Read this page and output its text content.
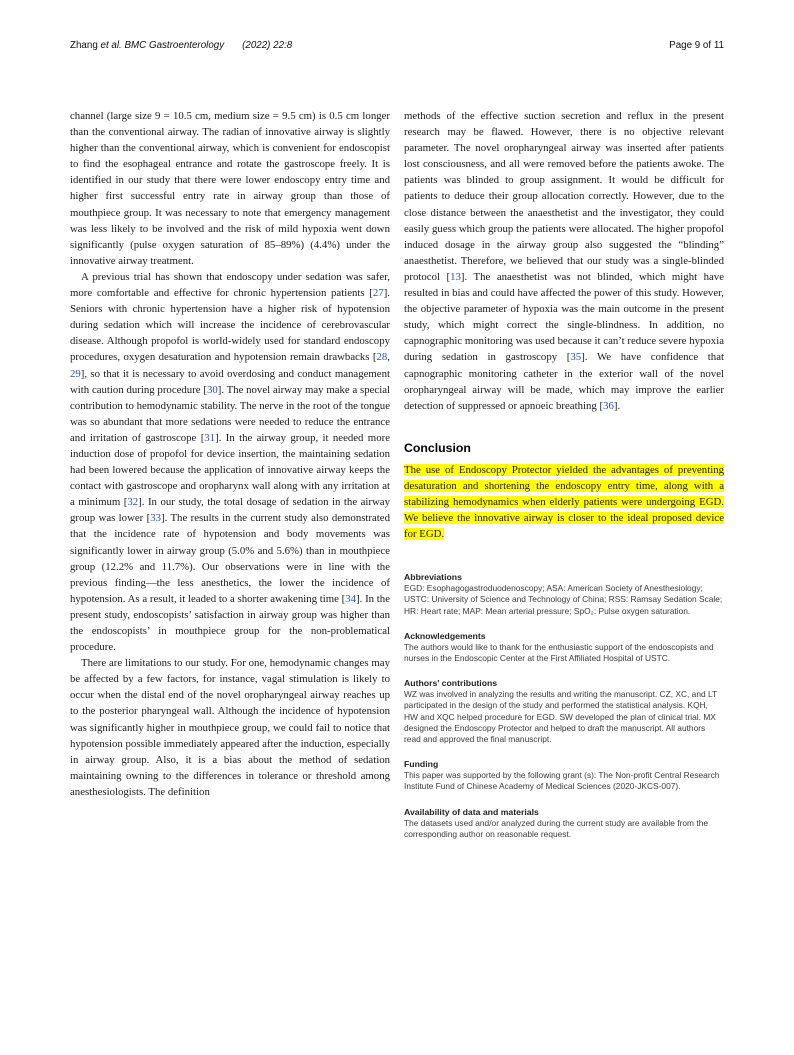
Zhang et al. BMC Gastroenterology (2022) 22:8	Page 9 of 11

channel (large size 9 = 10.5 cm, medium size = 9.5 cm) is 0.5 cm longer than the conventional airway. The radian of innovative airway is slightly higher than the conventional airway, which is convenient for endoscopist to find the esophageal entrance and rotate the gastroscope freely. It is identified in our study that there were lower endoscopy entry time and higher first successful entry rate in airway group than those of mouthpiece group. It was necessary to note that emergency management was less likely to be involved and the risk of mild hypoxia went down significantly (pulse oxygen saturation of 85–89%) (4.4%) under the innovative airway treatment.

A previous trial has shown that endoscopy under sedation was safer, more comfortable and effective for chronic hypertension patients [27]. Seniors with chronic hypertension have a higher risk of hypotension during sedation which will increase the incidence of cerebrovascular disease. Although propofol is world-widely used for standard endoscopy procedures, oxygen desaturation and hypotension remain drawbacks [28, 29], so that it is necessary to avoid overdosing and conduct management with caution during procedure [30]. The novel airway may make a special contribution to hemodynamic stability. The nerve in the root of the tongue was so abundant that more sedations were needed to reduce the entrance and irritation of gastroscope [31]. In the airway group, it needed more induction dose of propofol for device insertion, the maintaining sedation had been lowered because the application of innovative airway keeps the contact with gastroscope and oropharynx wall along with any irritation at a minimum [32]. In our study, the total dosage of sedation in the airway group was lower [33]. The results in the current study also demonstrated that the incidence rate of hypotension and body movements was significantly lower in airway group (5.0% and 5.6%) than in mouthpiece group (12.2% and 11.7%). Our observations were in line with the previous finding—the less anesthetics, the lower the incidence of hypotension. As a result, it leaded to a shorter awakening time [34]. In the present study, endoscopists’ satisfaction in airway group was higher than the endoscopists’ in mouthpiece group for the non-problematical procedure.

There are limitations to our study. For one, hemodynamic changes may be affected by a few factors, for instance, vagal stimulation is likely to occur when the distal end of the novel oropharyngeal airway reaches up to the posterior pharyngeal wall. Although the incidence of hypotension was significantly higher in mouthpiece group, we could fail to notice that hypotension possible immediately appeared after the induction, especially in airway group. Also, it is a bias about the method of sedation maintaining owning to the differences in tolerance or threshold among anesthesiologists. The definition

methods of the effective suction secretion and reflux in the present research may be flawed. However, there is no objective relevant parameter. The novel oropharyngeal airway was inserted after patients lost consciousness, and all were removed before the patients awoke. The patients was blinded to group assignment. It would be difficult for patients to deduce their group allocation correctly. However, due to the close distance between the anaesthetist and the investigator, they could easily guess which group the patients were allocated. The higher propofol induced dosage in the airway group also suggested the “blinding” anaesthetist. Therefore, we believed that our study was a single-blinded protocol [13]. The anaesthetist was not blinded, which might have resulted in bias and could have affected the power of this study. However, the objective parameter of hypoxia was the main outcome in the present study, which might correct the single-blindness. In addition, no capnographic monitoring was used because it can’t reduce severe hypoxia during sedation in gastroscopy [35]. We have confidence that capnographic monitoring catheter in the exterior wall of the novel oropharyngeal airway will be made, which may improve the earlier detection of suppressed or apnoeic breathing [36].

Conclusion

The use of Endoscopy Protector yielded the advantages of preventing desaturation and shortening the endoscopy entry time, along with a stabilizing hemodynamics when elderly patients were undergoing EGD. We believe the innovative airway is closer to the ideal proposed device for EGD.

Abbreviations

EGD: Esophagogastroduodenoscopy; ASA: American Society of Anesthesiology; USTC: University of Science and Technology of China; RSS: Ramsay Sedation Scale; HR: Heart rate; MAP: Mean arterial pressure; SpO₂: Pulse oxygen saturation.

Acknowledgements

The authors would like to thank for the enthusiastic support of the endoscopists and nurses in the Endoscopic Center at the First Affiliated Hospital of USTC.

Authors’ contributions

WZ was involved in analyzing the results and writing the manuscript. CZ, XC, and LT participated in the design of the study and performed the statistical analysis. KQH, HW and XQC helped procedure for EGD. SW developed the plan of clinical trial. MX designed the Endoscopy Protector and helped to draft the manuscript. All authors read and approved the final manuscript.

Funding

This paper was supported by the following grant (s): The Non-profit Central Research Institute Fund of Chinese Academy of Medical Sciences (2020-JKCS-007).

Availability of data and materials

The datasets used and/or analyzed during the current study are available from the corresponding author on reasonable request.
